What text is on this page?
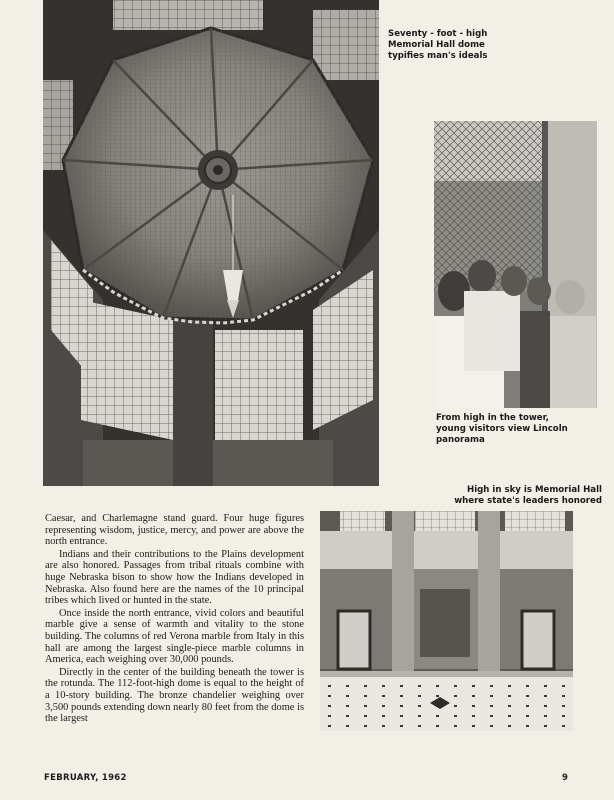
Seventy - foot - high Memorial Hall dome typifies man's ideals
From high in the tower, young visitors view Lincoln panorama
High in sky is Memorial Hall where state's leaders honored

Caesar, and Charlemagne stand guard. Four huge figures representing wisdom, justice, mercy, and power are above the north entrance.

Indians and their contributions to the Plains development are also honored. Passages from tribal rituals combine with huge Nebraska bison to show how the Indians developed in Nebraska. Also found here are the names of the 10 principal tribes which lived or hunted in the state.

Once inside the north entrance, vivid colors and beautiful marble give a sense of warmth and vitality to the stone building. The columns of red Verona marble from Italy in this hall are among the largest single-piece marble columns in America, each weighing over 30,000 pounds.

Directly in the center of the building beneath the tower is the rotunda. The 112-foot-high dome is equal to the height of a 10-story building. The bronze chandelier weighing over 3,500 pounds extending down nearly 80 feet from the dome is the largest

FEBRUARY, 1962	9
